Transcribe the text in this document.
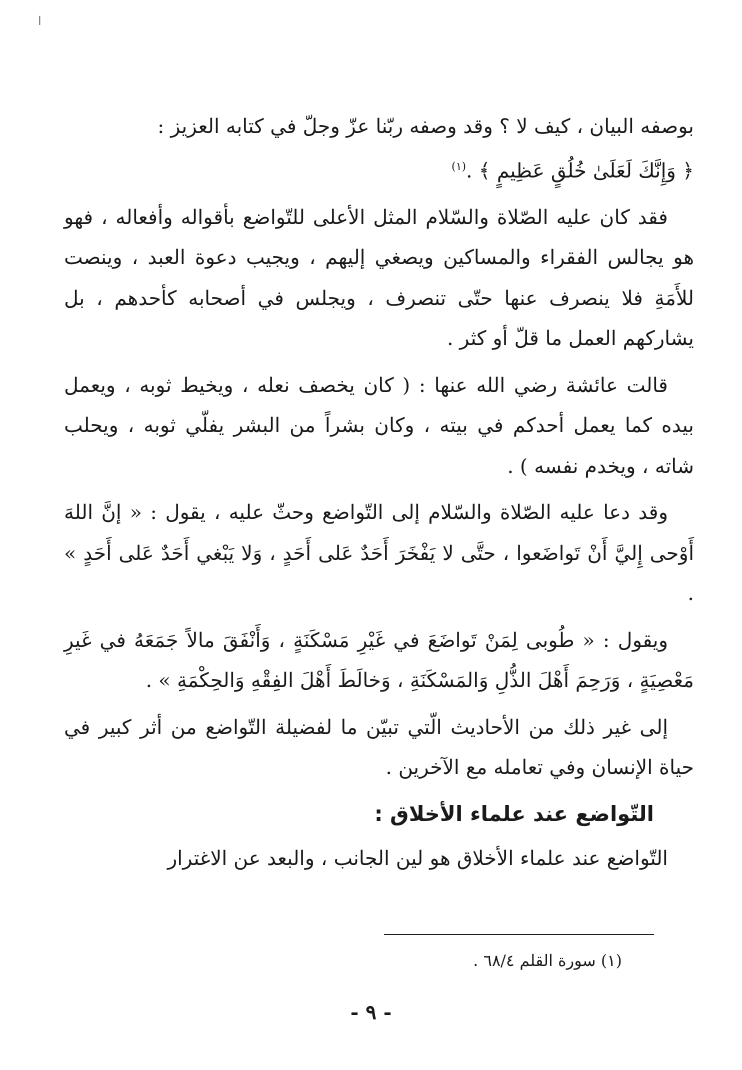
ا
بوصفه البيان ، كيف لا ؟ وقد وصفه ربّنا عزّ وجلّ في كتابه العزيز :
﴿ وَإِنَّكَ لَعَلَىٰ خُلُقٍ عَظِيمٍ ﴾ .$^{(١)}$
فقد كان عليه الصّلاة والسّلام المثل الأعلى للتّواضع بأقواله وأفعاله ، فهو هو يجالس الفقراء والمساكين ويصغي إليهم ، ويجيب دعوة العبد ، وينصت للأَمَةِ فلا ينصرف عنها حتّى تنصرف ، ويجلس في أصحابه كأحدهم ، بل يشاركهم العمل ما قلّ أو كثر .
قالت عائشة رضي الله عنها : ( كان يخصف نعله ، ويخيط ثوبه ، ويعمل بيده كما يعمل أحدكم في بيته ، وكان بشراً من البشر يفلّي ثوبه ، ويحلب شاته ، ويخدم نفسه ) .
وقد دعا عليه الصّلاة والسّلام إلى التّواضع وحثّ عليه ، يقول : « إنَّ اللهَ أَوْحى إِليَّ أَنْ تَواضَعوا ، حتَّى لا يَفْخَرَ أَحَدٌ عَلى أَحَدٍ ، وَلا يَبْغي أَحَدٌ عَلى أَحَدٍ » .
ويقول : « طُوبى لِمَنْ تَواضَعَ في غَيْرِ مَسْكَنَةٍ ، وَأَنْفَقَ مالاً جَمَعَهُ في غَيرِ مَعْصِيَةٍ ، وَرَحِمَ أَهْلَ الذُّلِ وَالمَسْكَنَةِ ، وَخالَطَ أَهْلَ الفِقْهِ وَالحِكْمَةِ » .
إلى غير ذلك من الأحاديث الّتي تبيّن ما لفضيلة التّواضع من أثر كبير في حياة الإنسان وفي تعامله مع الآخرين .
التّواضع عند علماء الأخلاق :
التّواضع عند علماء الأخلاق هو لين الجانب ، والبعد عن الاغترار
(١) سورة القلم ٦٨/٤ .
- ٩ -
